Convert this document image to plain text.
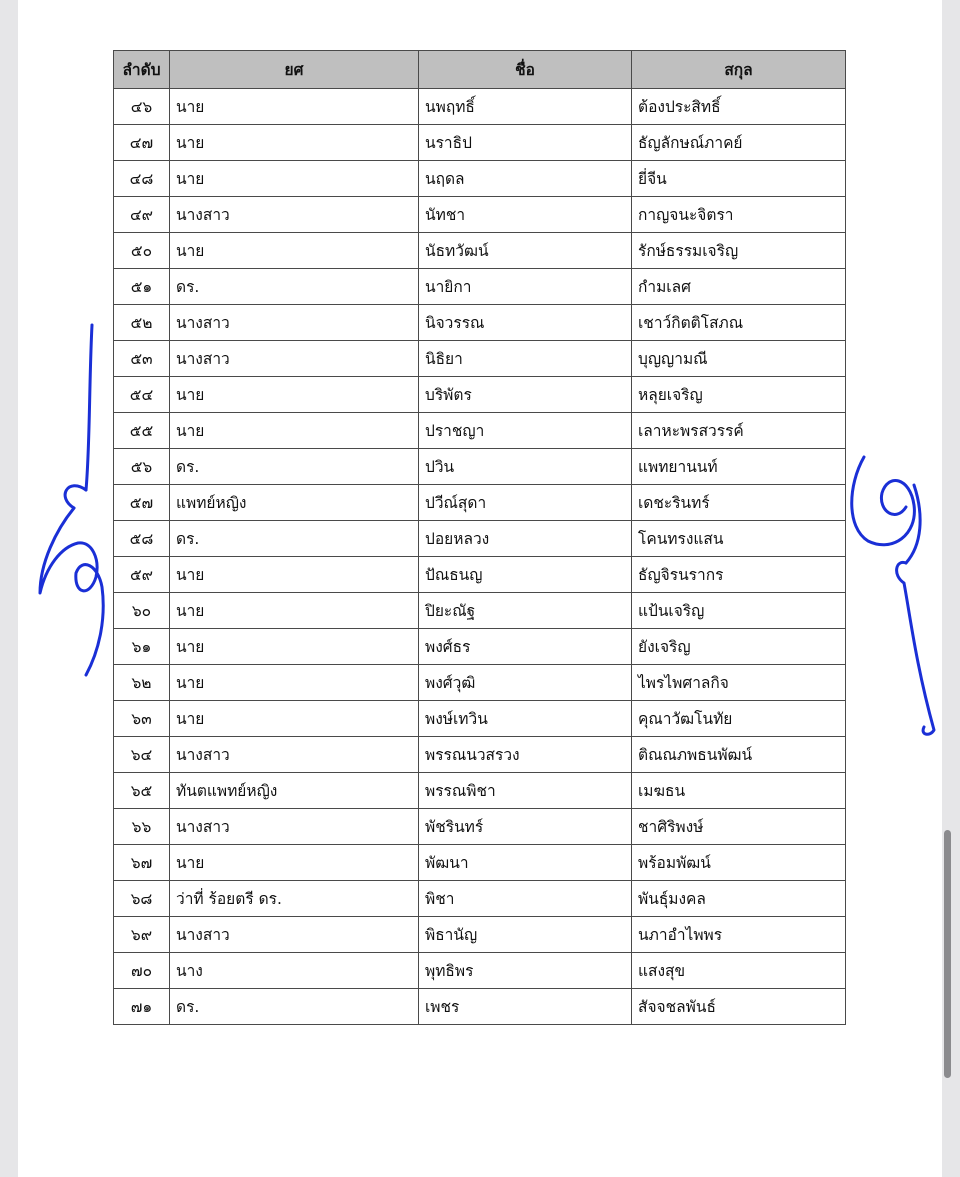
ลำดับ	ยศ	ชื่อ	สกุล
๔๖	นาย	นพฤทธิ์	ต้องประสิทธิ์
๔๗	นาย	นราธิป	ธัญลักษณ์ภาคย์
๔๘	นาย	นฤดล	ยี่จีน
๔๙	นางสาว	นัทชา	กาญจนะจิตรา
๕๐	นาย	นัธทวัฒน์	รักษ์ธรรมเจริญ
๕๑	ดร.	นายิกา	กำมเลศ
๕๒	นางสาว	นิจวรรณ	เชาว์กิตติโสภณ
๕๓	นางสาว	นิธิยา	บุญญามณี
๕๔	นาย	บริพัตร	หลุยเจริญ
๕๕	นาย	ปราชญา	เลาหะพรสวรรค์
๕๖	ดร.	ปวิน	แพทยานนท์
๕๗	แพทย์หญิง	ปวีณ์สุดา	เดชะรินทร์
๕๘	ดร.	ปอยหลวง	โคนทรงแสน
๕๙	นาย	ปัณธนญ	ธัญจิรนรากร
๖๐	นาย	ปิยะณัฐ	แป้นเจริญ
๖๑	นาย	พงศ์ธร	ยังเจริญ
๖๒	นาย	พงศ์วุฒิ	ไพรไพศาลกิจ
๖๓	นาย	พงษ์เทวิน	คุณาวัฒโนทัย
๖๔	นางสาว	พรรณนวสรวง	ติณณภพธนพัฒน์
๖๕	ทันตแพทย์หญิง	พรรณพิชา	เมฆธน
๖๖	นางสาว	พัชรินทร์	ชาศิริพงษ์
๖๗	นาย	พัฒนา	พร้อมพัฒน์
๖๘	ว่าที่ ร้อยตรี ดร.	พิชา	พันธุ์มงคล
๖๙	นางสาว	พิธานัญ	นภาอำไพพร
๗๐	นาง	พุทธิพร	แสงสุข
๗๑	ดร.	เพชร	สัจจชลพันธ์
